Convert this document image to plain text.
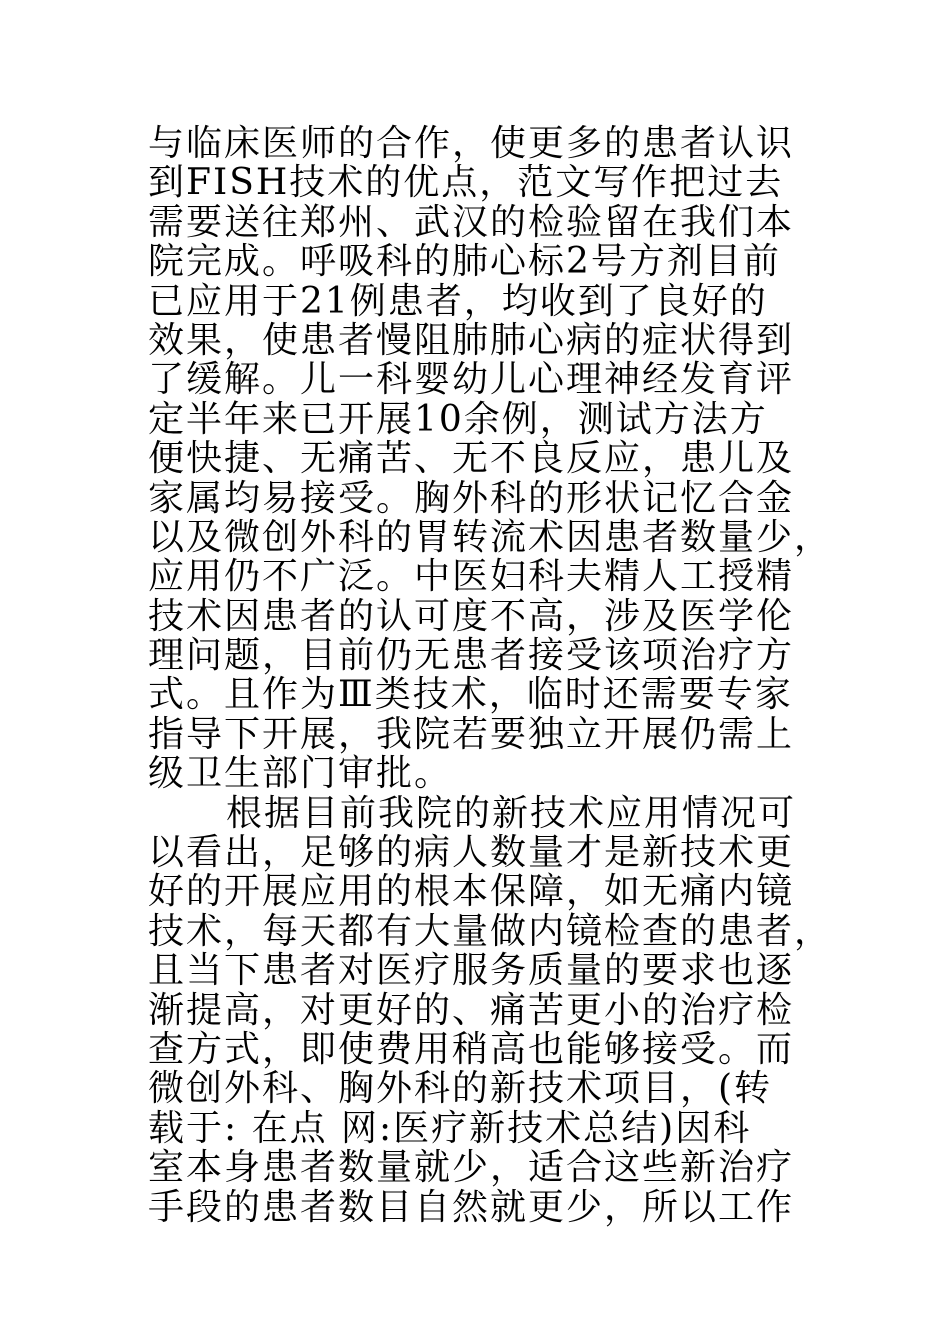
与临床医师的合作，使更多的患者认识
到FISH技术的优点，范文写作把过去
需要送往郑州、武汉的检验留在我们本
院完成。呼吸科的肺心标2号方剂目前
已应用于21例患者，均收到了良好的
效果，使患者慢阻肺肺心病的症状得到
了缓解。儿一科婴幼儿心理神经发育评
定半年来已开展10余例，测试方法方
便快捷、无痛苦、无不良反应，患儿及
家属均易接受。胸外科的形状记忆合金
以及微创外科的胃转流术因患者数量少，
应用仍不广泛。中医妇科夫精人工授精
技术因患者的认可度不高，涉及医学伦
理问题，目前仍无患者接受该项治疗方
式。且作为Ⅲ类技术，临时还需要专家
指导下开展，我院若要独立开展仍需上
级卫生部门审批。
根据目前我院的新技术应用情况可
以看出，足够的病人数量才是新技术更
好的开展应用的根本保障，如无痛内镜
技术，每天都有大量做内镜检查的患者，
且当下患者对医疗服务质量的要求也逐
渐提高，对更好的、痛苦更小的治疗检
查方式，即使费用稍高也能够接受。而
微创外科、胸外科的新技术项目，(转
载于: 在点 网:医疗新技术总结)因科
室本身患者数量就少，适合这些新治疗
手段的患者数目自然就更少，所以工作
